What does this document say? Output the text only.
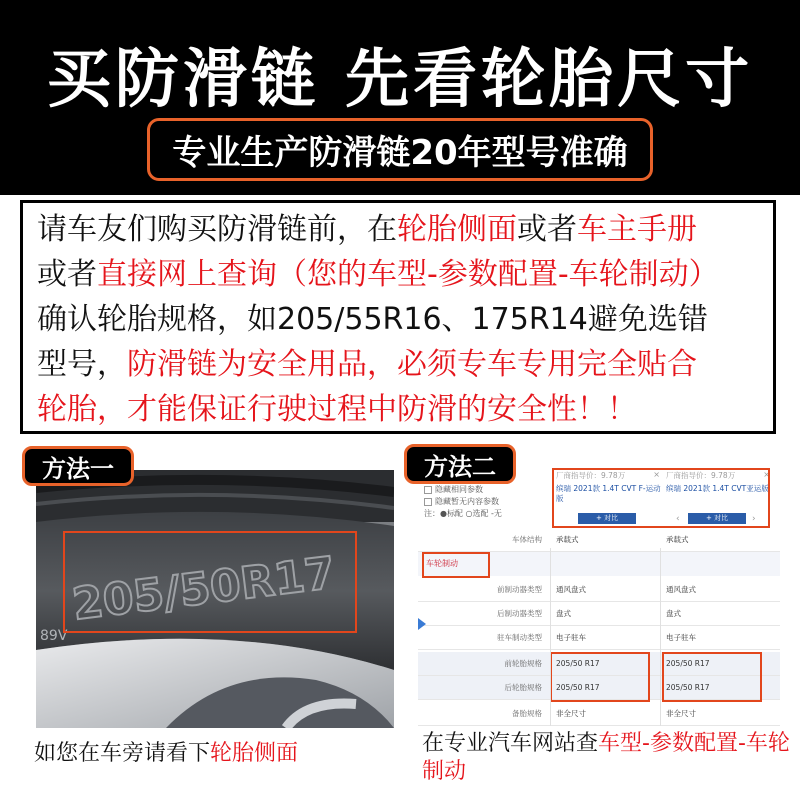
买防滑链 先看轮胎尺寸
专业生产防滑链20年型号准确
请车友们购买防滑链前，在轮胎侧面或者车主手册
或者直接网上查询（您的车型-参数配置-车轮制动）
确认轮胎规格，如205/55R16、175R14避免选错
型号，防滑链为安全用品，必须专车专用完全贴合
轮胎，才能保证行驶过程中防滑的安全性！！
方法一
205/50R17
89V
如您在车旁请看下轮胎侧面
方法二
隐藏相同参数
隐藏暂无内容参数
注：●标配 ○选配 -无
厂商指导价：9.78万
缤瑞 2021款 1.4T CVT F-运动版
+ 对比
× 厂商指导价：9.78万
缤瑞 2021款 1.4T CVT亚运版
‹	+ 对比	›
×
车体结构 承载式	承载式
车轮制动
前制动器类型 通风盘式	通风盘式
后制动器类型 盘式	盘式
驻车制动类型 电子驻车	电子驻车
前轮胎规格 205/50 R17	205/50 R17
后轮胎规格 205/50 R17	205/50 R17
备胎规格 非全尺寸	非全尺寸
在专业汽车网站查车型-参数配置-车轮制动
